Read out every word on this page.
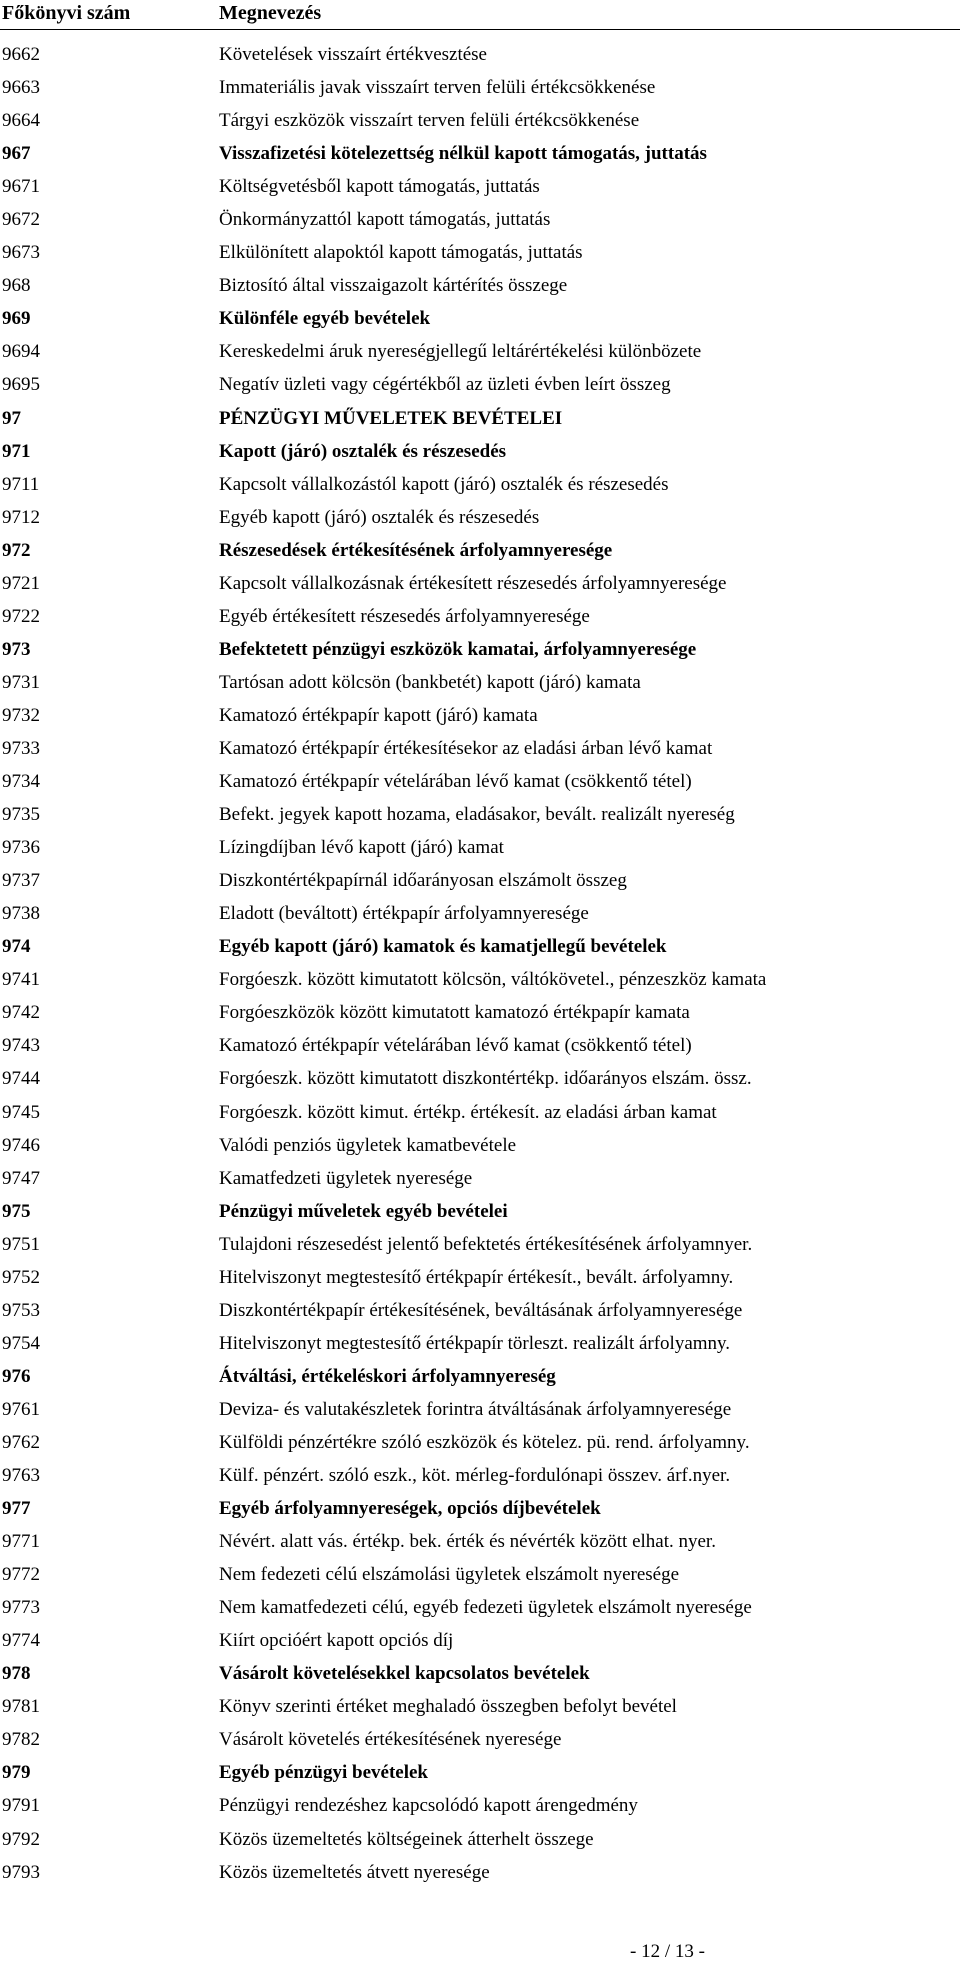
Főkönyvi szám	Megnevezés
9662	Követelések visszaírt értékvesztése
9663	Immateriális javak visszaírt terven felüli értékcsökkenése
9664	Tárgyi eszközök visszaírt terven felüli értékcsökkenése
967	Visszafizetési kötelezettség nélkül kapott támogatás, juttatás
9671	Költségvetésből kapott támogatás, juttatás
9672	Önkormányzattól kapott támogatás, juttatás
9673	Elkülönített alapoktól kapott támogatás, juttatás
968	Biztosító által visszaigazolt kártérítés összege
969	Különféle egyéb bevételek
9694	Kereskedelmi áruk nyereségjellegű leltárértékelési különbözete
9695	Negatív üzleti vagy cégértékből az üzleti évben leírt összeg
97	PÉNZÜGYI MŰVELETEK BEVÉTELEI
971	Kapott (járó) osztalék és részesedés
9711	Kapcsolt vállalkozástól kapott (járó) osztalék és részesedés
9712	Egyéb kapott (járó) osztalék és részesedés
972	Részesedések értékesítésének árfolyamnyeresége
9721	Kapcsolt vállalkozásnak értékesített részesedés árfolyamnyeresége
9722	Egyéb értékesített részesedés árfolyamnyeresége
973	Befektetett pénzügyi eszközök kamatai, árfolyamnyeresége
9731	Tartósan adott kölcsön (bankbetét) kapott (járó) kamata
9732	Kamatozó értékpapír kapott (járó) kamata
9733	Kamatozó értékpapír értékesítésekor az eladási árban lévő kamat
9734	Kamatozó értékpapír vételárában lévő kamat (csökkentő tétel)
9735	Befekt. jegyek kapott hozama, eladásakor, bevált. realizált nyereség
9736	Lízingdíjban lévő kapott (járó) kamat
9737	Diszkontértékpapírnál időarányosan elszámolt összeg
9738	Eladott (beváltott) értékpapír árfolyamnyeresége
974	Egyéb kapott (járó) kamatok és kamatjellegű bevételek
9741	Forgóeszk. között kimutatott kölcsön, váltókövetel., pénzeszköz kamata
9742	Forgóeszközök között kimutatott kamatozó értékpapír kamata
9743	Kamatozó értékpapír vételárában lévő kamat (csökkentő tétel)
9744	Forgóeszk. között kimutatott diszkontértékp. időarányos elszám. össz.
9745	Forgóeszk. között kimut. értékp. értékesít. az eladási árban kamat
9746	Valódi penziós ügyletek kamatbevétele
9747	Kamatfedzeti ügyletek nyeresége
975	Pénzügyi műveletek egyéb bevételei
9751	Tulajdoni részesedést jelentő befektetés értékesítésének árfolyamnyer.
9752	Hitelviszonyt megtestesítő értékpapír értékesít., bevált. árfolyamny.
9753	Diszkontértékpapír értékesítésének, beváltásának árfolyamnyeresége
9754	Hitelviszonyt megtestesítő értékpapír törleszt. realizált árfolyamny.
976	Átváltási, értékeléskori árfolyamnyereség
9761	Deviza- és valutakészletek forintra átváltásának árfolyamnyeresége
9762	Külföldi pénzértékre szóló eszközök és kötelez. pü. rend. árfolyamny.
9763	Külf. pénzért. szóló eszk., köt. mérleg-fordulónapi összev. árf.nyer.
977	Egyéb árfolyamnyereségek, opciós díjbevételek
9771	Névért. alatt vás. értékp. bek. érték és névérték között elhat. nyer.
9772	Nem fedezeti célú elszámolási ügyletek elszámolt nyeresége
9773	Nem kamatfedezeti célú, egyéb fedezeti ügyletek elszámolt nyeresége
9774	Kiírt opcióért kapott opciós díj
978	Vásárolt követelésekkel kapcsolatos bevételek
9781	Könyv szerinti értéket meghaladó összegben befolyt bevétel
9782	Vásárolt követelés értékesítésének nyeresége
979	Egyéb pénzügyi bevételek
9791	Pénzügyi rendezéshez kapcsolódó kapott árengedmény
9792	Közös üzemeltetés költségeinek átterhelt összege
9793	Közös üzemeltetés átvett nyeresége
- 12 / 13 -
